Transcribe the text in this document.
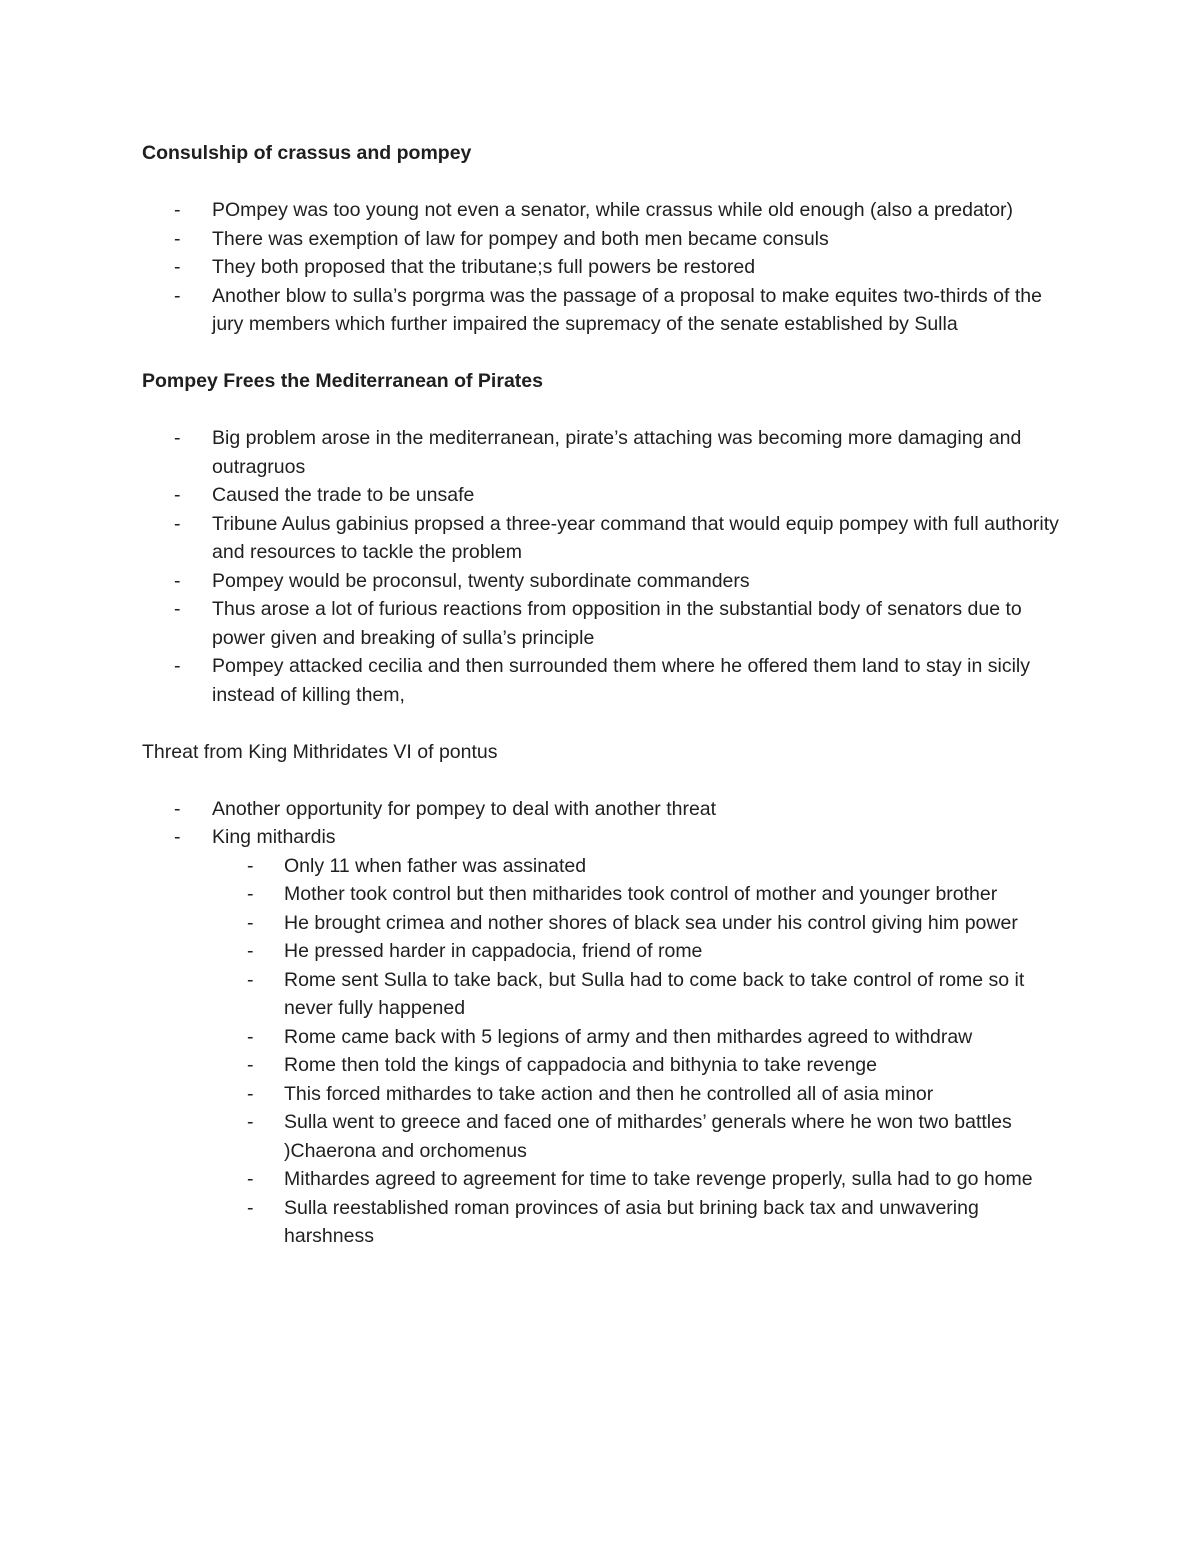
Consulship of crassus and pompey
- POmpey was too young not even a senator, while crassus while old enough (also a predator)
- There was exemption of law for pompey and both men became consuls
- They both proposed that the tributane;s full powers be restored
- Another blow to sulla’s porgrma was the passage of a proposal to make equites two-thirds of the jury members which further impaired the supremacy of the senate established by Sulla
Pompey Frees the Mediterranean of Pirates
- Big problem arose in the mediterranean, pirate’s attaching was becoming more damaging and outragruos
- Caused the trade to be unsafe
- Tribune Aulus gabinius propsed a three-year command that would equip pompey with full authority and resources to tackle the problem
- Pompey would be proconsul, twenty subordinate commanders
- Thus arose a lot of furious reactions from opposition in the substantial body of senators due to power given and breaking of sulla’s principle
- Pompey attacked cecilia and then surrounded them where he offered them land to stay in sicily instead of killing them,
Threat from King Mithridates VI of pontus
- Another opportunity for pompey to deal with another threat
- King mithardis
- Only 11 when father was assinated
- Mother took control but then mitharides took control of mother and younger brother
- He brought crimea and nother shores of black sea under his control giving him power
- He pressed harder in cappadocia, friend of rome
- Rome sent Sulla to take back, but Sulla had to come back to take control of rome so it never fully happened
- Rome came back with 5 legions of army and then mithardes agreed to withdraw
- Rome then told the kings of cappadocia and bithynia to take revenge
- This forced mithardes to take action and then he controlled all of asia minor
- Sulla went to greece and faced one of mithardes’ generals where he won two battles )Chaerona and orchomenus
- Mithardes agreed to agreement for time to take revenge properly, sulla had to go home
- Sulla reestablished roman provinces of asia but brining back tax and unwavering harshness
